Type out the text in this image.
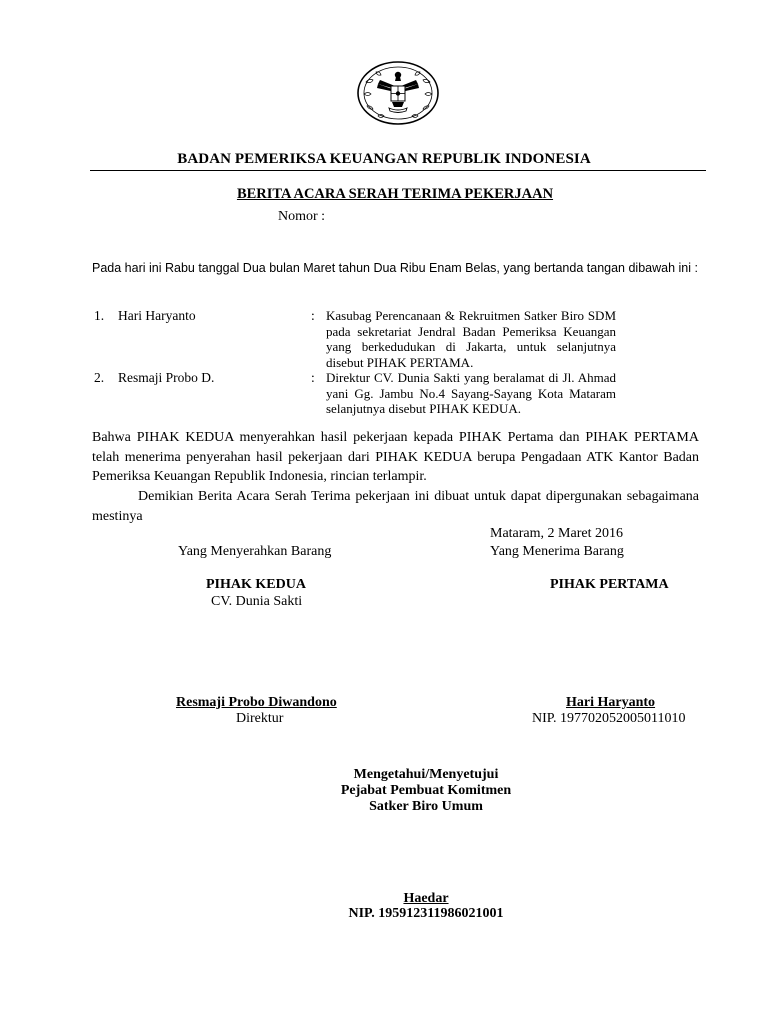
BADAN PEMERIKSA KEUANGAN REPUBLIK INDONESIA
BERITA ACARA SERAH TERIMA PEKERJAAN
Nomor :
Pada hari ini Rabu tanggal Dua bulan Maret tahun Dua Ribu Enam Belas, yang bertanda tangan dibawah ini :
1. Hari Haryanto	: Kasubag Perencanaan & Rekruitmen Satker Biro SDM pada sekretariat Jendral Badan Pemeriksa Keuangan yang berkedudukan di Jakarta, untuk selanjutnya disebut PIHAK PERTAMA.
2. Resmaji Probo D.	: Direktur CV. Dunia Sakti yang beralamat di Jl. Ahmad yani Gg. Jambu No.4 Sayang-Sayang Kota Mataram selanjutnya disebut PIHAK KEDUA.
Bahwa PIHAK KEDUA menyerahkan hasil pekerjaan kepada PIHAK Pertama dan PIHAK PERTAMA telah menerima penyerahan hasil pekerjaan dari PIHAK KEDUA berupa Pengadaan ATK Kantor Badan Pemeriksa Keuangan Republik Indonesia, rincian terlampir.
Demikian Berita Acara Serah Terima pekerjaan ini dibuat untuk dapat dipergunakan sebagaimana mestinya
Mataram, 2 Maret 2016
Yang Menyerahkan Barang	Yang Menerima Barang
PIHAK KEDUA	PIHAK PERTAMA
CV. Dunia Sakti
Resmaji Probo Diwandono
Direktur
Hari Haryanto
NIP. 197702052005011010
Mengetahui/Menyetujui
Pejabat Pembuat Komitmen
Satker Biro Umum
Haedar
NIP. 195912311986021001
